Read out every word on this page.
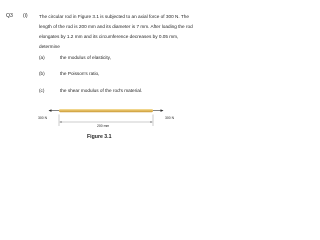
Q3 (i) The circular rod in Figure 3.1 is subjected to an axial force of 300 N. The
length of the rod is 200 mm and its diameter is 7 mm. After loading the rod
elongates by 1.2 mm and its circumference decreases by 0.05 mm,
determine
(a)	the modulus of elasticity,
(b)	the Poisson's ratio,
(c)	the shear modulus of the rod's material.
300 N	300 N
200 mm
Figure 3.1
